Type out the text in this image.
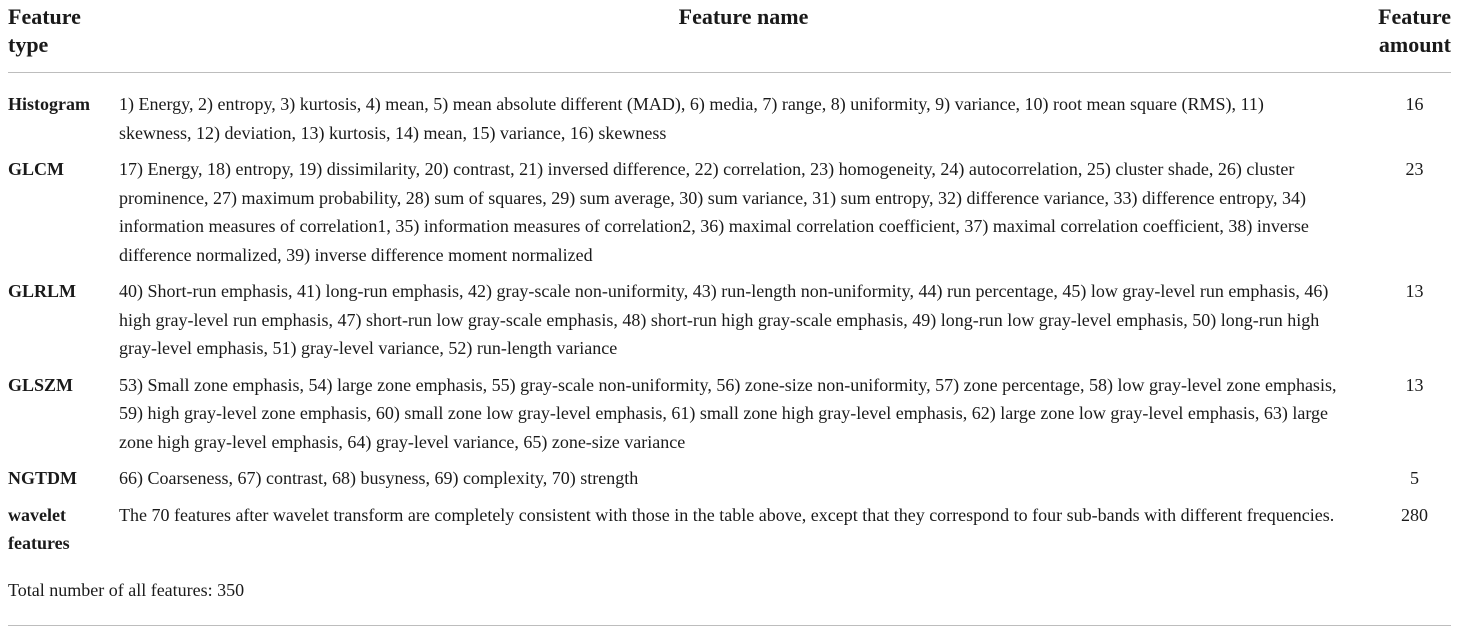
Feature type	Feature name	Feature amount
Histogram	1) Energy, 2) entropy, 3) kurtosis, 4) mean, 5) mean absolute different (MAD), 6) media, 7) range, 8) uniformity, 9) variance, 10) root mean square (RMS), 11) skewness, 12) deviation, 13) kurtosis, 14) mean, 15) variance, 16) skewness	16
GLCM	17) Energy, 18) entropy, 19) dissimilarity, 20) contrast, 21) inversed difference, 22) correlation, 23) homogeneity, 24) autocorrelation, 25) cluster shade, 26) cluster prominence, 27) maximum probability, 28) sum of squares, 29) sum average, 30) sum variance, 31) sum entropy, 32) difference variance, 33) difference entropy, 34) information measures of correlation1, 35) information measures of correlation2, 36) maximal correlation coefficient, 37) maximal correlation coefficient, 38) inverse difference normalized, 39) inverse difference moment normalized	23
GLRLM	40) Short-run emphasis, 41) long-run emphasis, 42) gray-scale non-uniformity, 43) run-length non-uniformity, 44) run percentage, 45) low gray-level run emphasis, 46) high gray-level run emphasis, 47) short-run low gray-scale emphasis, 48) short-run high gray-scale emphasis, 49) long-run low gray-level emphasis, 50) long-run high gray-level emphasis, 51) gray-level variance, 52) run-length variance	13
GLSZM	53) Small zone emphasis, 54) large zone emphasis, 55) gray-scale non-uniformity, 56) zone-size non-uniformity, 57) zone percentage, 58) low gray-level zone emphasis, 59) high gray-level zone emphasis, 60) small zone low gray-level emphasis, 61) small zone high gray-level emphasis, 62) large zone low gray-level emphasis, 63) large zone high gray-level emphasis, 64) gray-level variance, 65) zone-size variance	13
NGTDM	66) Coarseness, 67) contrast, 68) busyness, 69) complexity, 70) strength	5
wavelet features	The 70 features after wavelet transform are completely consistent with those in the table above, except that they correspond to four sub-bands with different frequencies.	280
Total number of all features: 350
